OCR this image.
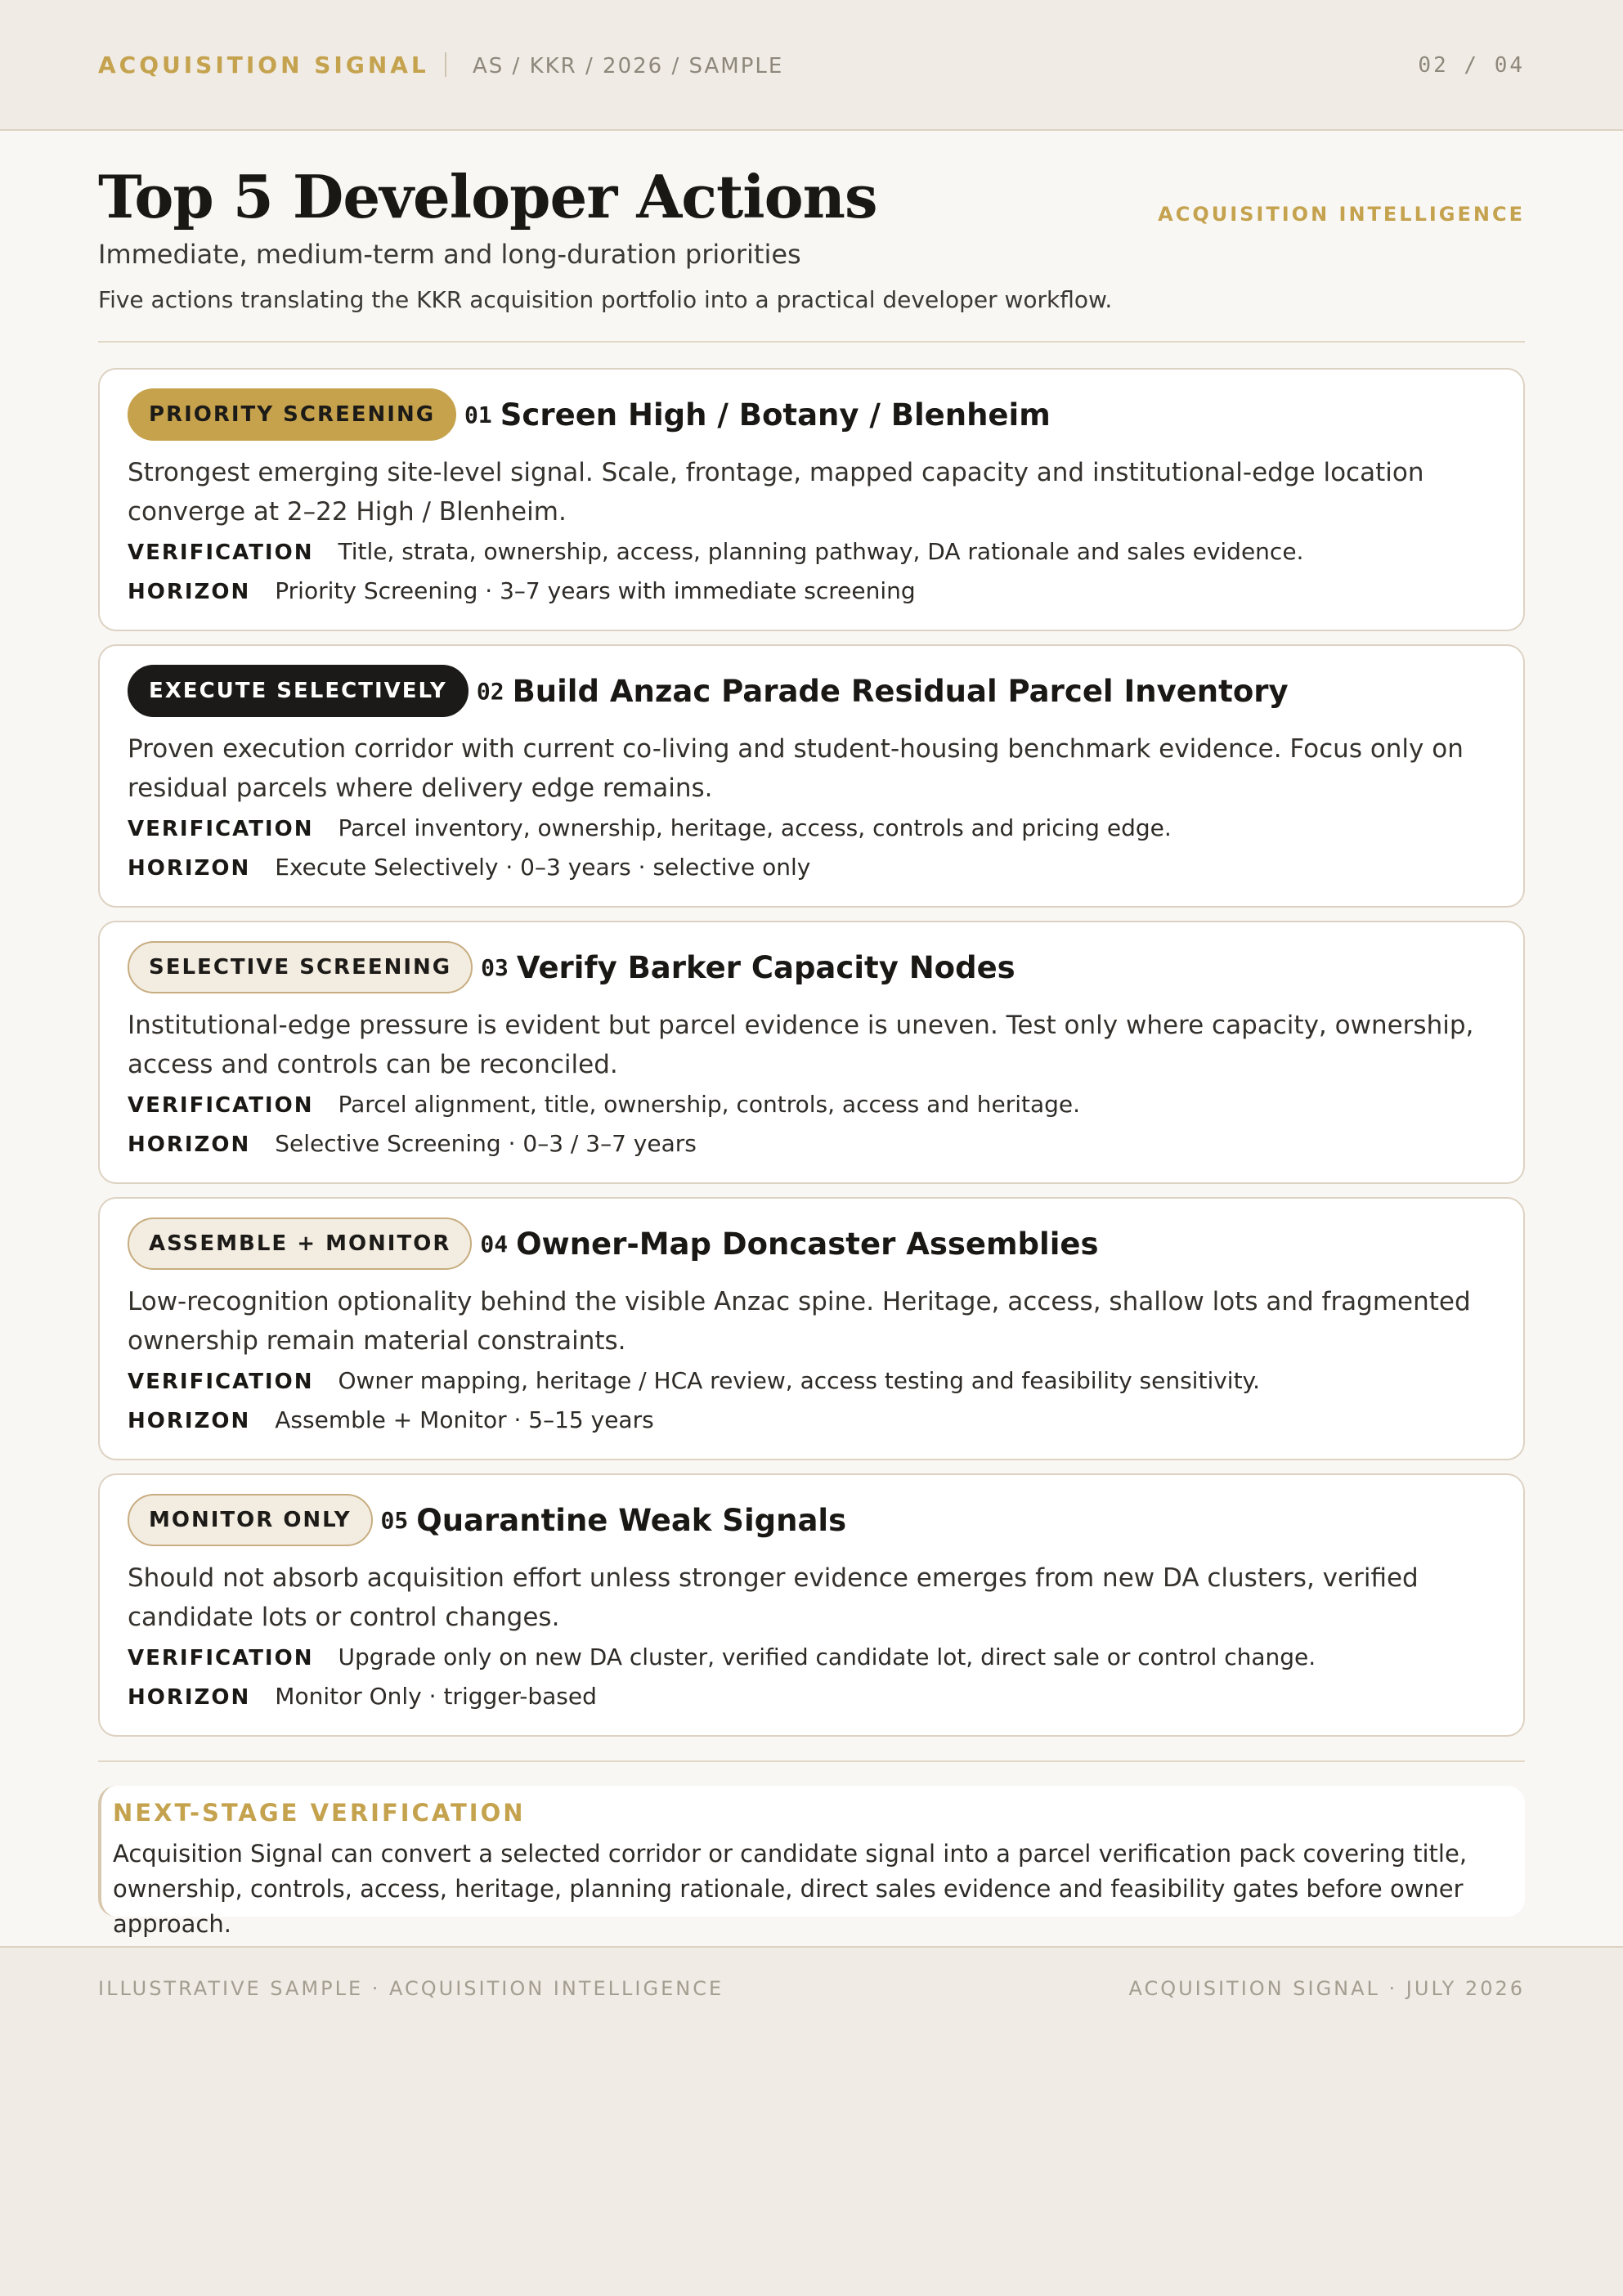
ACQUISITION SIGNAL AS / KKR / 2026 / SAMPLE	02 / 04
Top 5 Developer Actions	ACQUISITION INTELLIGENCE
Immediate, medium-term and long-duration priorities
Five actions translating the KKR acquisition portfolio into a practical developer workflow.
PRIORITY SCREENING	01 Screen High / Botany / Blenheim
Strongest emerging site-level signal. Scale, frontage, mapped capacity and institutional-edge location converge at 2–22 High / Blenheim.
VERIFICATION Title, strata, ownership, access, planning pathway, DA rationale and sales evidence.
HORIZON Priority Screening · 3–7 years with immediate screening
EXECUTE SELECTIVELY	02 Build Anzac Parade Residual Parcel Inventory
Proven execution corridor with current co-living and student-housing benchmark evidence. Focus only on residual parcels where delivery edge remains.
VERIFICATION Parcel inventory, ownership, heritage, access, controls and pricing edge.
HORIZON Execute Selectively · 0–3 years · selective only
SELECTIVE SCREENING	03 Verify Barker Capacity Nodes
Institutional-edge pressure is evident but parcel evidence is uneven. Test only where capacity, ownership, access and controls can be reconciled.
VERIFICATION Parcel alignment, title, ownership, controls, access and heritage.
HORIZON Selective Screening · 0–3 / 3–7 years
ASSEMBLE + MONITOR	04 Owner-Map Doncaster Assemblies
Low-recognition optionality behind the visible Anzac spine. Heritage, access, shallow lots and fragmented ownership remain material constraints.
VERIFICATION Owner mapping, heritage / HCA review, access testing and feasibility sensitivity.
HORIZON Assemble + Monitor · 5–15 years
MONITOR ONLY	05 Quarantine Weak Signals
Should not absorb acquisition effort unless stronger evidence emerges from new DA clusters, verified candidate lots or control changes.
VERIFICATION Upgrade only on new DA cluster, verified candidate lot, direct sale or control change.
HORIZON Monitor Only · trigger-based
NEXT-STAGE VERIFICATION
Acquisition Signal can convert a selected corridor or candidate signal into a parcel verification pack covering title, ownership, controls, access, heritage, planning rationale, direct sales evidence and feasibility gates before owner approach.
ILLUSTRATIVE SAMPLE · ACQUISITION INTELLIGENCE	ACQUISITION SIGNAL · JULY 2026
